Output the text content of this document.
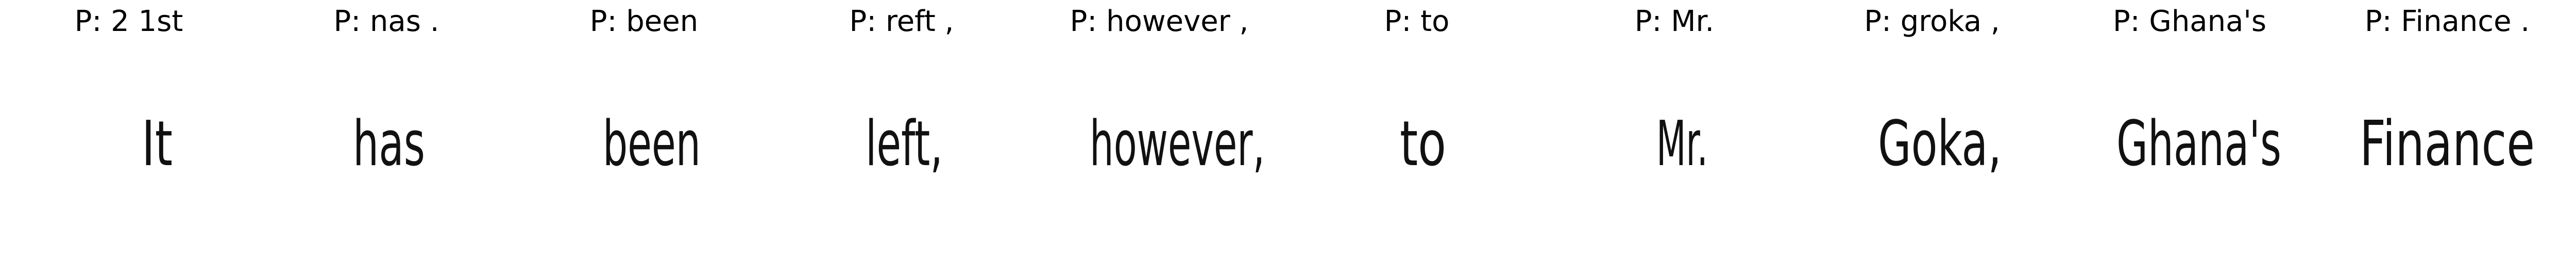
P: 2 1st
It
P: nas .
has
P: been
been
P: reft ,
left,
P: however ,
however,
P: to
to
P: Mr.
Mr.
P: groka ,
Goka,
P: Ghana's
Ghana's
P: Finance .
Finance
